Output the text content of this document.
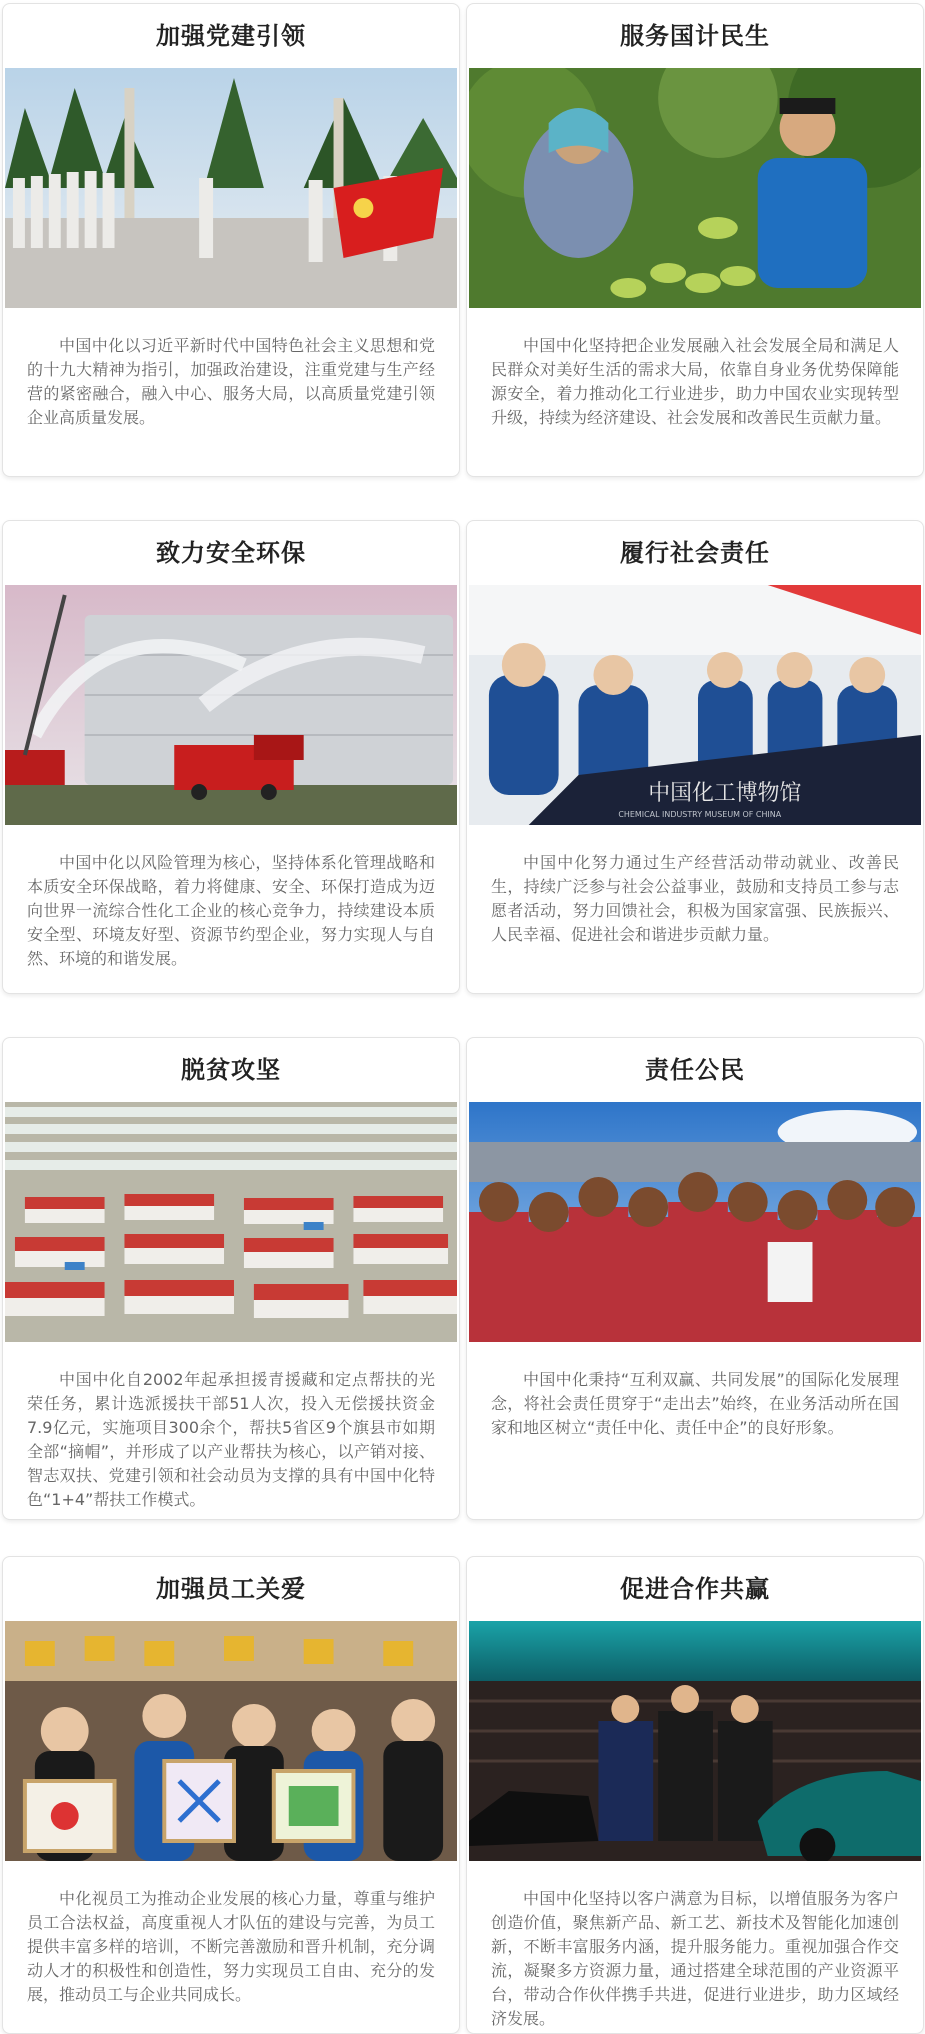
加强党建引领
中国中化以习近平新时代中国特色社会主义思想和党的十九大精神为指引，加强政治建设，注重党建与生产经营的紧密融合，融入中心、服务大局，以高质量党建引领企业高质量发展。
服务国计民生
中国中化坚持把企业发展融入社会发展全局和满足人民群众对美好生活的需求大局，依靠自身业务优势保障能源安全，着力推动化工行业进步，助力中国农业实现转型升级，持续为经济建设、社会发展和改善民生贡献力量。
致力安全环保
中国中化以风险管理为核心，坚持体系化管理战略和本质安全环保战略，着力将健康、安全、环保打造成为迈向世界一流综合性化工企业的核心竞争力，持续建设本质安全型、环境友好型、资源节约型企业，努力实现人与自然、环境的和谐发展。
履行社会责任
中国化工博物馆
CHEMICAL INDUSTRY MUSEUM OF CHINA
中国中化努力通过生产经营活动带动就业、改善民生，持续广泛参与社会公益事业，鼓励和支持员工参与志愿者活动，努力回馈社会，积极为国家富强、民族振兴、人民幸福、促进社会和谐进步贡献力量。
脱贫攻坚
中国中化自2002年起承担援青援藏和定点帮扶的光荣任务，累计选派援扶干部51人次，投入无偿援扶资金7.9亿元，实施项目300余个，帮扶5省区9个旗县市如期全部“摘帽”，并形成了以产业帮扶为核心，以产销对接、智志双扶、党建引领和社会动员为支撑的具有中国中化特色“1+4”帮扶工作模式。
责任公民
中国中化秉持“互利双赢、共同发展”的国际化发展理念，将社会责任贯穿于“走出去”始终，在业务活动所在国家和地区树立“责任中化、责任中企”的良好形象。
加强员工关爱
中化视员工为推动企业发展的核心力量，尊重与维护员工合法权益，高度重视人才队伍的建设与完善，为员工提供丰富多样的培训，不断完善激励和晋升机制，充分调动人才的积极性和创造性，努力实现员工自由、充分的发展，推动员工与企业共同成长。
促进合作共赢
中国中化坚持以客户满意为目标，以增值服务为客户创造价值，聚焦新产品、新工艺、新技术及智能化加速创新，不断丰富服务内涵，提升服务能力。重视加强合作交流，凝聚多方资源力量，通过搭建全球范围的产业资源平台，带动合作伙伴携手共进，促进行业进步，助力区域经济发展。
